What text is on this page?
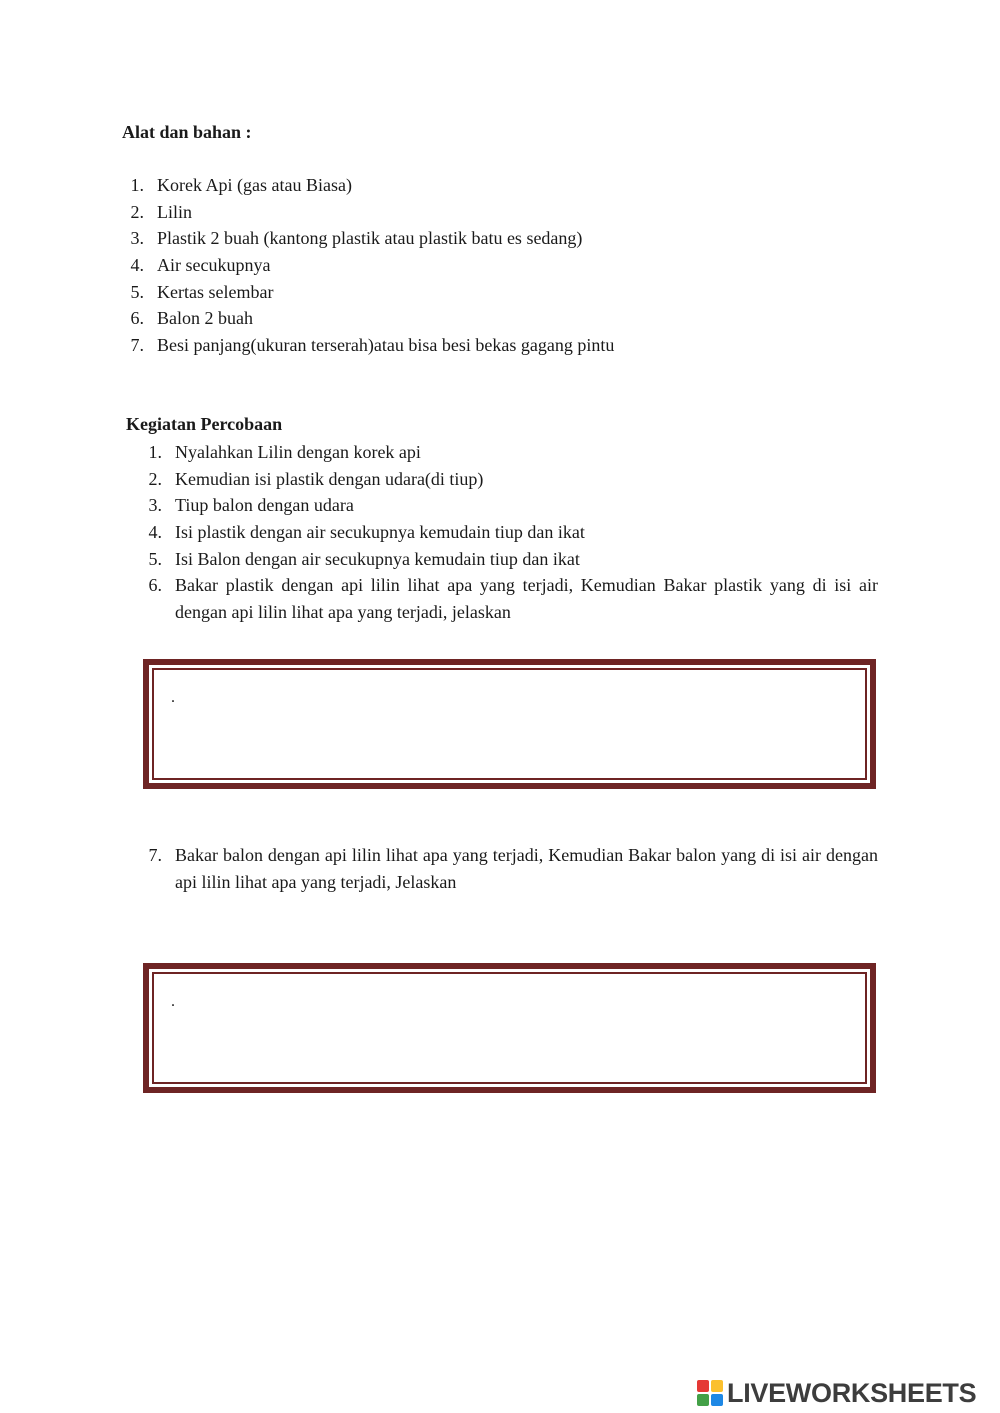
Alat dan bahan :
1. Korek Api (gas atau Biasa)
2. Lilin
3. Plastik 2 buah (kantong plastik atau plastik batu es sedang)
4. Air secukupnya
5. Kertas selembar
6. Balon 2 buah
7. Besi panjang(ukuran terserah)atau bisa besi bekas gagang pintu
Kegiatan Percobaan
1. Nyalahkan Lilin dengan korek api
2. Kemudian isi plastik dengan udara(di tiup)
3. Tiup balon dengan udara
4. Isi plastik dengan air secukupnya kemudain tiup dan ikat
5. Isi Balon dengan air secukupnya kemudain tiup dan ikat
6. Bakar plastik dengan api lilin lihat apa yang terjadi, Kemudian Bakar plastik yang di isi air dengan api lilin lihat apa yang terjadi, jelaskan
.
7. Bakar balon dengan api lilin lihat apa yang terjadi, Kemudian Bakar balon yang di isi air dengan api lilin lihat apa yang terjadi, Jelaskan
.
LIVEWORKSHEETS
